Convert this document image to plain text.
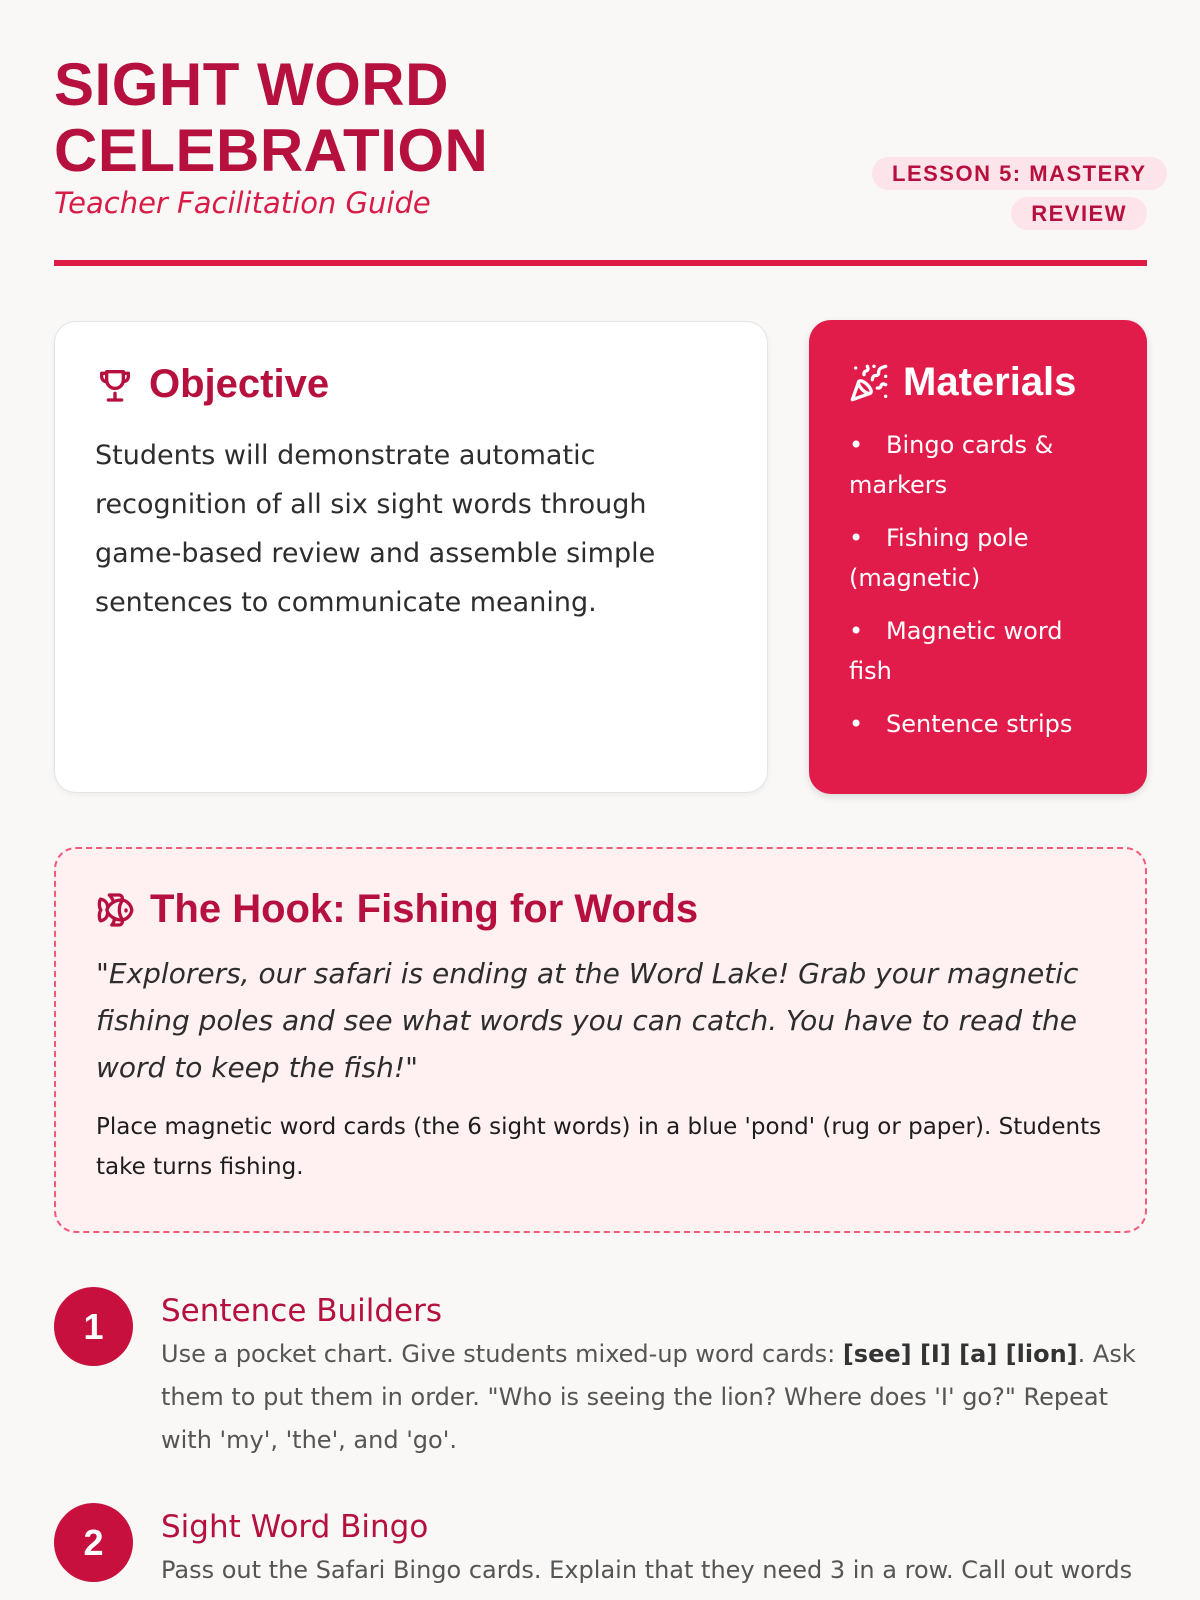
SIGHT WORD
CELEBRATION
Teacher Facilitation Guide
LESSON 5: MASTERY REVIEW
Objective
Students will demonstrate automatic recognition of all six sight words through game-based review and assemble simple sentences to communicate meaning.
Materials
• Bingo cards & markers
• Fishing pole (magnetic)
• Magnetic word fish
• Sentence strips
The Hook: Fishing for Words
"Explorers, our safari is ending at the Word Lake! Grab your magnetic fishing poles and see what words you can catch. You have to read the word to keep the fish!"
Place magnetic word cards (the 6 sight words) in a blue 'pond' (rug or paper). Students take turns fishing.
1	Sentence Builders
Use a pocket chart. Give students mixed-up word cards: [see] [I] [a] [lion]. Ask them to put them in order. "Who is seeing the lion? Where does 'I' go?" Repeat with 'my', 'the', and 'go'.
2	Sight Word Bingo
Pass out the Safari Bingo cards. Explain that they need 3 in a row. Call out words
